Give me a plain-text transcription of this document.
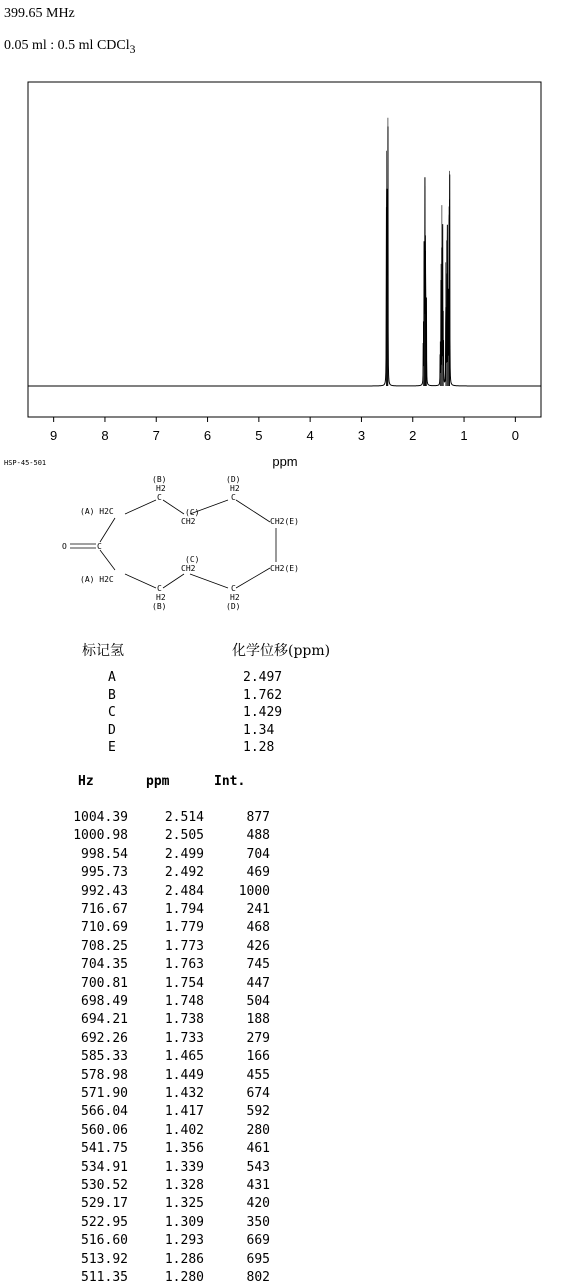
399.65 MHz
0.05 ml : 0.5 ml CDCl$_3$
9	8	7	6	5	4	3	2	1	0
ppm
HSP-45-501
(B)
H2
C
(D)
H2
C
(A) H2C	(C)
CH2	CH2(E)
O	C
(C)
CH2	CH2(E)
(A) H2C
C
H2
(B)
C
H2
(D)
标记氢	化学位移(ppm)
A	2.497
B	1.762
C	1.429
D	1.34
E	1.28
Hz	ppm	Int.
1004.39	2.514	877
1000.98	2.505	488
998.54	2.499	704
995.73	2.492	469
992.43	2.484	1000
716.67	1.794	241
710.69	1.779	468
708.25	1.773	426
704.35	1.763	745
700.81	1.754	447
698.49	1.748	504
694.21	1.738	188
692.26	1.733	279
585.33	1.465	166
578.98	1.449	455
571.90	1.432	674
566.04	1.417	592
560.06	1.402	280
541.75	1.356	461
534.91	1.339	543
530.52	1.328	431
529.17	1.325	420
522.95	1.309	350
516.60	1.293	669
513.92	1.286	695
511.35	1.280	802
